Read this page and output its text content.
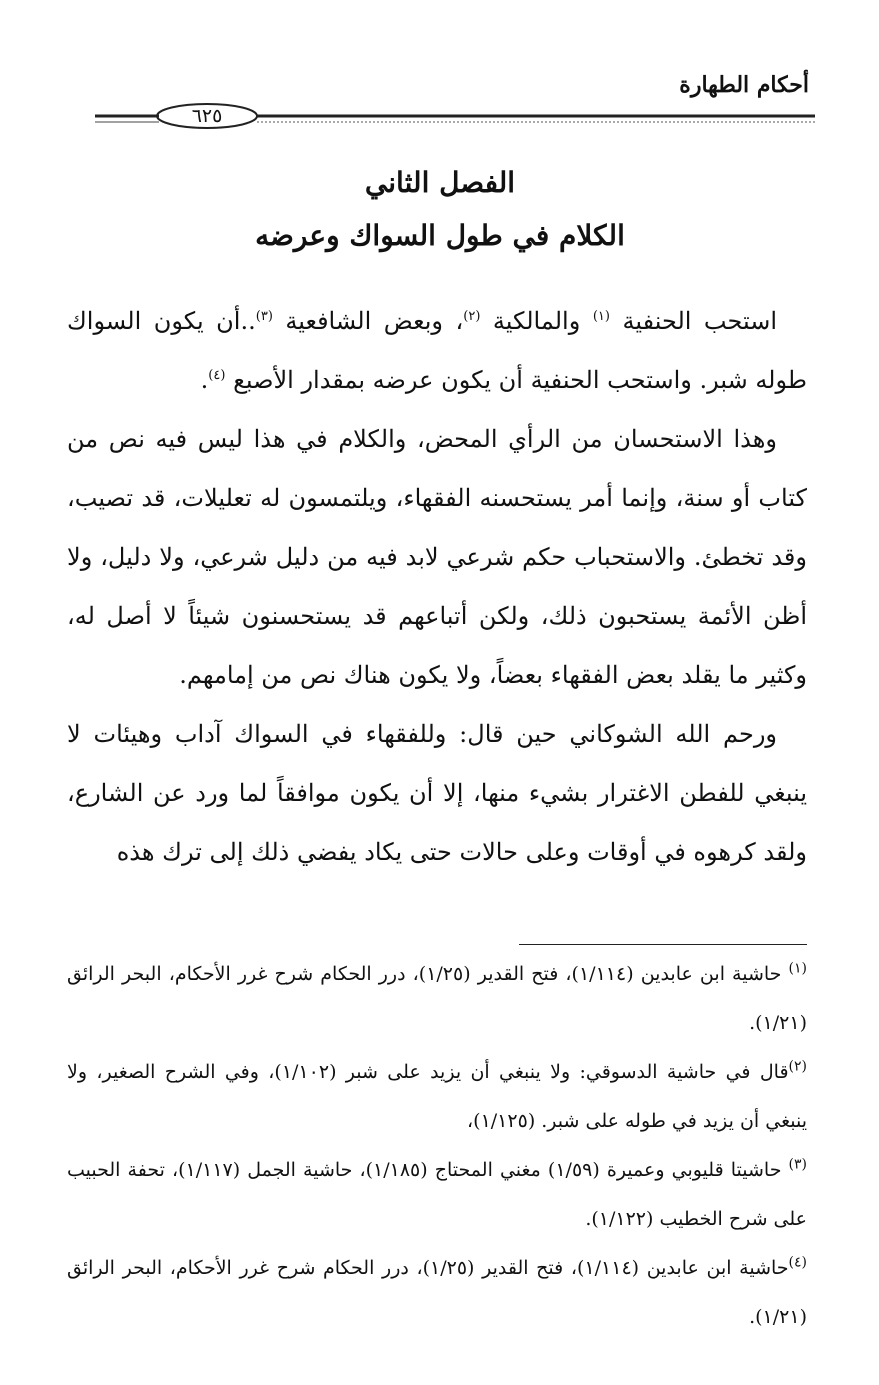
أحكام الطهارة
٦٢٥
الفصل الثاني
الكلام في طول السواك وعرضه

استحب الحنفية $^{(١)}$ والمالكية $^{(٢)}$، وبعض الشافعية $^{(٣)}$..أن يكون السواك طوله شبر. واستحب الحنفية أن يكون عرضه بمقدار الأصبع $^{(٤)}$.

وهذا الاستحسان من الرأي المحض، والكلام في هذا ليس فيه نص من كتاب أو سنة، وإنما أمر يستحسنه الفقهاء، ويلتمسون له تعليلات، قد تصيب، وقد تخطئ. والاستحباب حكم شرعي لابد فيه من دليل شرعي، ولا دليل، ولا أظن الأئمة يستحبون ذلك، ولكن أتباعهم قد يستحسنون شيئاً لا أصل له، وكثير ما يقلد بعض الفقهاء بعضاً، ولا يكون هناك نص من إمامهم.

ورحم الله الشوكاني حين قال: وللفقهاء في السواك آداب وهيئات لا ينبغي للفطن الاغترار بشيء منها، إلا أن يكون موافقاً لما ورد عن الشارع، ولقد كرهوه في أوقات وعلى حالات حتى يكاد يفضي ذلك إلى ترك هذه

$^{(١)}$ حاشية ابن عابدين (١/١١٤)، فتح القدير (١/٢٥)، درر الحكام شرح غرر الأحكام، البحر الرائق (١/٢١).

$^{(٢)}$قال في حاشية الدسوقي: ولا ينبغي أن يزيد على شبر (١/١٠٢)، وفي الشرح الصغير، ولا ينبغي أن يزيد في طوله على شبر. (١/١٢٥)،

$^{(٣)}$ حاشيتا قليوبي وعميرة (١/٥٩) مغني المحتاج (١/١٨٥)، حاشية الجمل (١/١١٧)، تحفة الحبيب على شرح الخطيب (١/١٢٢).

$^{(٤)}$حاشية ابن عابدين (١/١١٤)، فتح القدير (١/٢٥)، درر الحكام شرح غرر الأحكام، البحر الرائق (١/٢١).
